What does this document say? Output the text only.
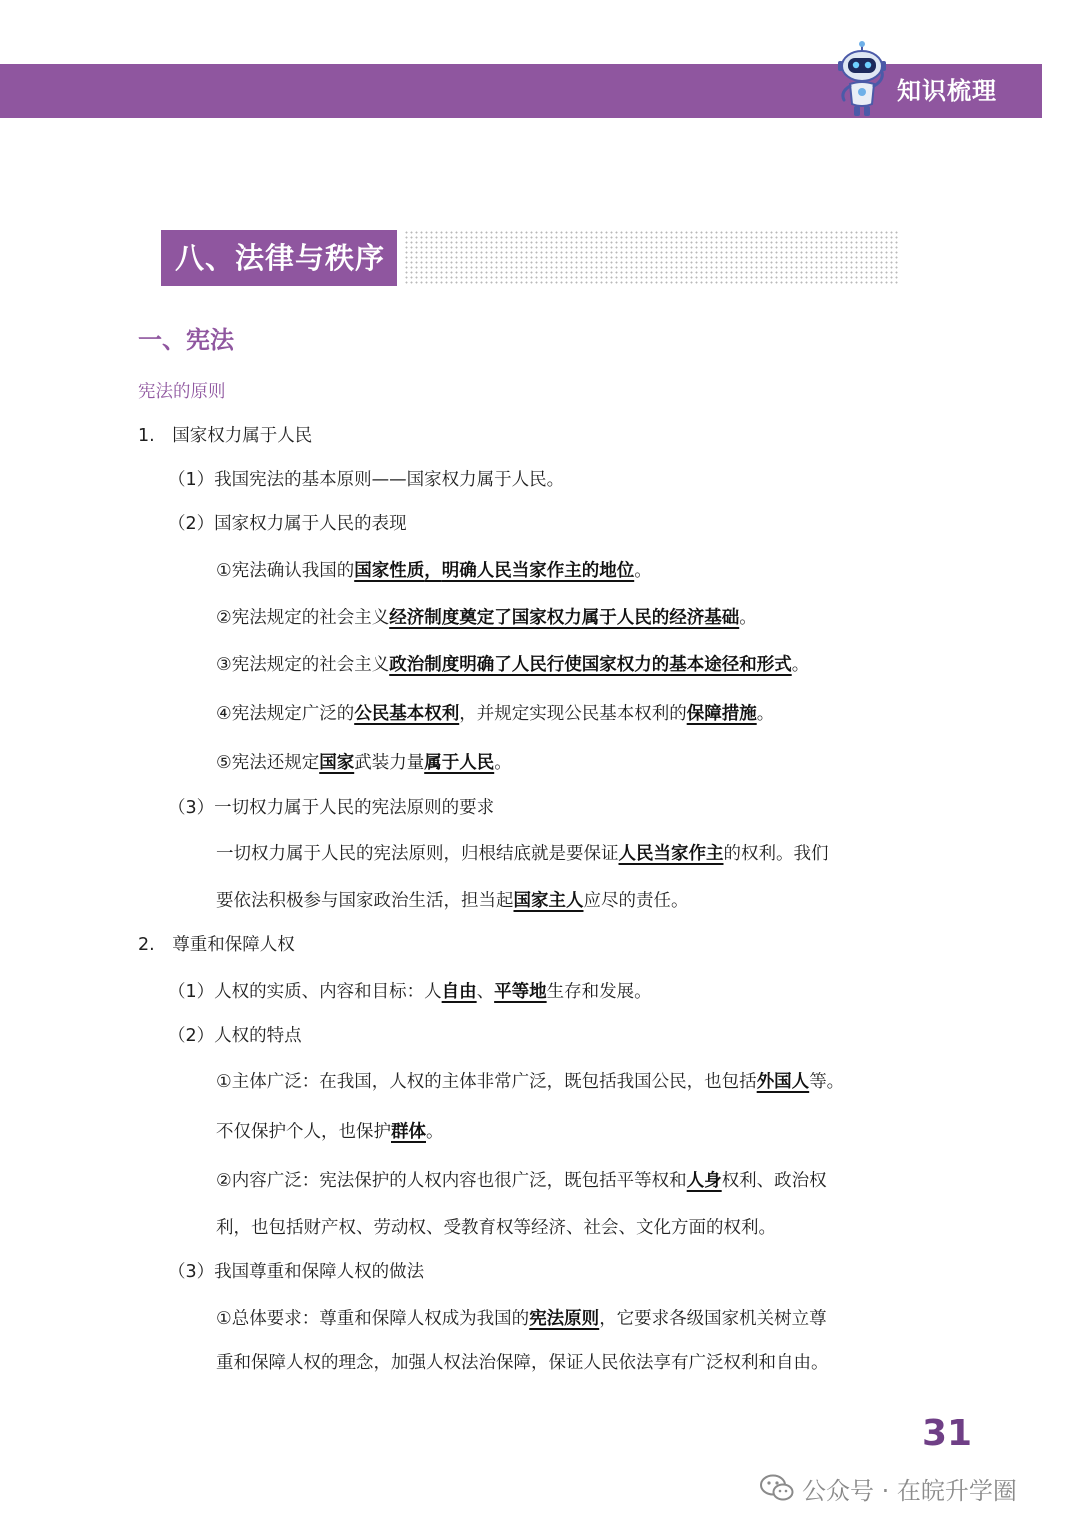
知识梳理
八、法律与秩序
一、宪法
宪法的原则
1.　国家权力属于人民
（1）我国宪法的基本原则——国家权力属于人民。
（2）国家权力属于人民的表现
①宪法确认我国的国家性质，明确人民当家作主的地位。
②宪法规定的社会主义经济制度奠定了国家权力属于人民的经济基础。
③宪法规定的社会主义政治制度明确了人民行使国家权力的基本途径和形式。
④宪法规定广泛的公民基本权利，并规定实现公民基本权利的保障措施。
⑤宪法还规定国家武装力量属于人民。
（3）一切权力属于人民的宪法原则的要求
一切权力属于人民的宪法原则，归根结底就是要保证人民当家作主的权利。我们
要依法积极参与国家政治生活，担当起国家主人应尽的责任。
2.　尊重和保障人权
（1）人权的实质、内容和目标：人自由、平等地生存和发展。
（2）人权的特点
①主体广泛：在我国，人权的主体非常广泛，既包括我国公民，也包括外国人等。
不仅保护个人，也保护群体。
②内容广泛：宪法保护的人权内容也很广泛，既包括平等权和人身权利、政治权
利，也包括财产权、劳动权、受教育权等经济、社会、文化方面的权利。
（3）我国尊重和保障人权的做法
①总体要求：尊重和保障人权成为我国的宪法原则，它要求各级国家机关树立尊
重和保障人权的理念，加强人权法治保障，保证人民依法享有广泛权利和自由。
31
公众号 · 在皖升学圈
